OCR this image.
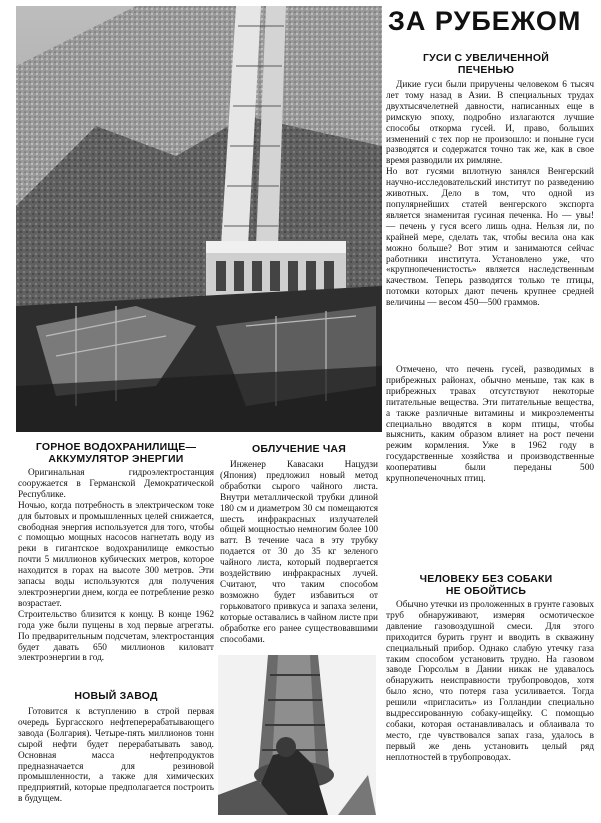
ЗА РУБЕЖОМ
ГУСИ С УВЕЛИЧЕННОЙ
ПЕЧЕНЬЮ
Дикие гуси были приручены человеком 6 тысяч лет тому назад в Азии. В специальных трудах двухтысячелетней давности, написанных еще в римскую эпоху, подробно излагаются лучшие способы откорма гусей. И, право, больших изменений с тех пор не произошло: и поныне гуси разводятся и содержатся точно так же, как в свое время разводили их римляне.
Но вот гусями вплотную занялся Венгерский научно-исследовательский институт по разведению животных. Дело в том, что одной из популярнейших статей венгерского экспорта является знаменитая гусиная печенка. Но — увы! — печень у гуся всего лишь одна. Нельзя ли, по крайней мере, сделать так, чтобы весила она как можно больше? Вот этим и занимаются сейчас работники института. Установлено уже, что «крупнопеченистость» является наследственным качеством. Теперь разводятся только те птицы, потомки которых дают печень крупнее средней величины — весом 450—500 граммов.
Отмечено, что печень гусей, разводимых в прибрежных районах, обычно меньше, так как в прибрежных травах отсутствуют некоторые питательные вещества. Эти питательные вещества, а также различные витамины и микроэлементы специально вводятся в корм птицы, чтобы выяснить, каким образом влияет на рост печени режим кормления. Уже в 1962 году в государственные хозяйства и производственные кооперативы были переданы 500 крупнопеченочных птиц.
ЧЕЛОВЕКУ БЕЗ СОБАКИ
НЕ ОБОЙТИСЬ
Обычно утечки из проложенных в грунте газовых труб обнаруживают, измеряя осмотическое давление газовоздушной смеси. Для этого приходится бурить грунт и вводить в скважину специальный прибор. Однако слабую утечку газа таким способом установить трудно. На газовом заводе Гюрсольм в Дании никак не удавалось обнаружить неисправности трубопроводов, хотя было ясно, что потеря газа усиливается. Тогда решили «пригласить» из Голландии специально выдрессированную собаку-ищейку. С помощью собаки, которая останавливалась и облаивала то место, где чувствовался запах газа, удалось в первый же день установить целый ряд неплотностей в трубопроводах.
ГОРНОЕ ВОДОХРАНИЛИЩЕ—
АККУМУЛЯТОР ЭНЕРГИИ
Оригинальная гидроэлектростанция сооружается в Германской Демократической Республике.
Ночью, когда потребность в электрическом токе для бытовых и промышленных целей снижается, свободная энергия используется для того, чтобы с помощью мощных насосов нагнетать воду из реки в гигантское водохранилище емкостью почти 5 миллионов кубических метров, которое находится в горах на высоте 300 метров. Эти запасы воды используются для получения электроэнергии днем, когда ее потребление резко возрастает.
Строительство близится к концу. В конце 1962 года уже были пущены в ход первые агрегаты. По предварительным подсчетам, электростанция будет давать 650 миллионов киловатт электроэнергии в год.
НОВЫЙ ЗАВОД
Готовится к вступлению в строй первая очередь Бургасского нефтеперерабатывающего завода (Болгария). Четыре-пять миллионов тонн сырой нефти будет перерабатывать завод. Основная масса нефтепродуктов предназначается для резиновой промышленности, а также для химических предприятий, которые предполагается построить в будущем.
ОБЛУЧЕНИЕ ЧАЯ
Инженер Кавасаки Нацудзи (Япония) предложил новый метод обработки сырого чайного листа. Внутри металлической трубки длиной 180 см и диаметром 30 см помещаются шесть инфракрасных излучателей общей мощностью немногим более 100 ватт. В течение часа в эту трубку подается от 30 до 35 кг зеленого чайного листа, который подвергается воздействию инфракрасных лучей. Считают, что таким способом возможно будет избавиться от горьковатого привкуса и запаха зелени, которые оставались в чайном листе при обработке его ранее существовавшими способами.
